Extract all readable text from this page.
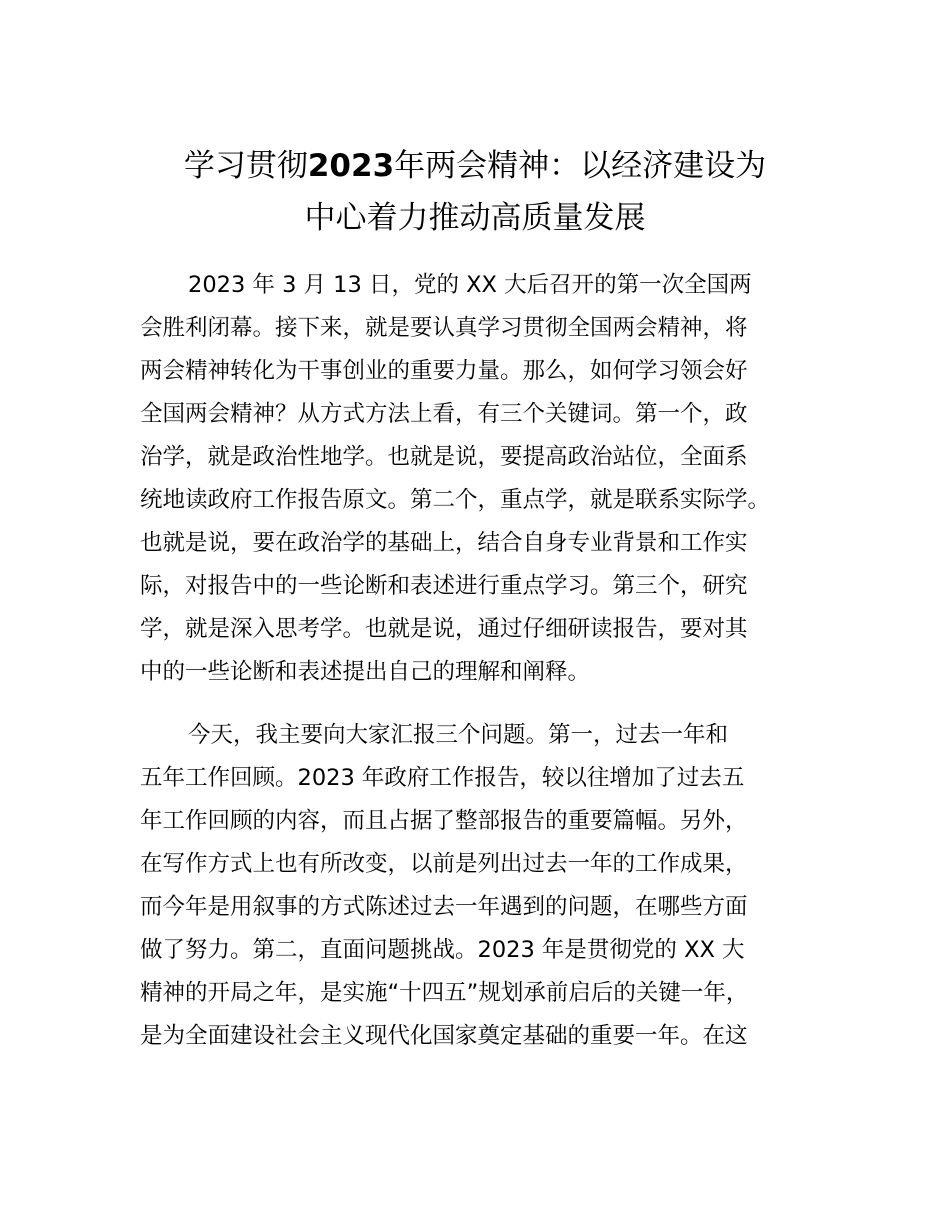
学习贯彻2023年两会精神：以经济建设为
中心着力推动高质量发展
2023 年 3 月 13 日，党的 XX 大后召开的第一次全国两
会胜利闭幕。接下来，就是要认真学习贯彻全国两会精神，将
两会精神转化为干事创业的重要力量。那么，如何学习领会好
全国两会精神？从方式方法上看，有三个关键词。第一个，政
治学，就是政治性地学。也就是说，要提高政治站位，全面系
统地读政府工作报告原文。第二个，重点学，就是联系实际学。
也就是说，要在政治学的基础上，结合自身专业背景和工作实
际，对报告中的一些论断和表述进行重点学习。第三个，研究
学，就是深入思考学。也就是说，通过仔细研读报告，要对其
中的一些论断和表述提出自己的理解和阐释。
今天，我主要向大家汇报三个问题。第一，过去一年和
五年工作回顾。2023 年政府工作报告，较以往增加了过去五
年工作回顾的内容，而且占据了整部报告的重要篇幅。另外，
在写作方式上也有所改变，以前是列出过去一年的工作成果，
而今年是用叙事的方式陈述过去一年遇到的问题，在哪些方面
做了努力。第二，直面问题挑战。2023 年是贯彻党的 XX 大
精神的开局之年，是实施“十四五”规划承前启后的关键一年，
是为全面建设社会主义现代化国家奠定基础的重要一年。在这
